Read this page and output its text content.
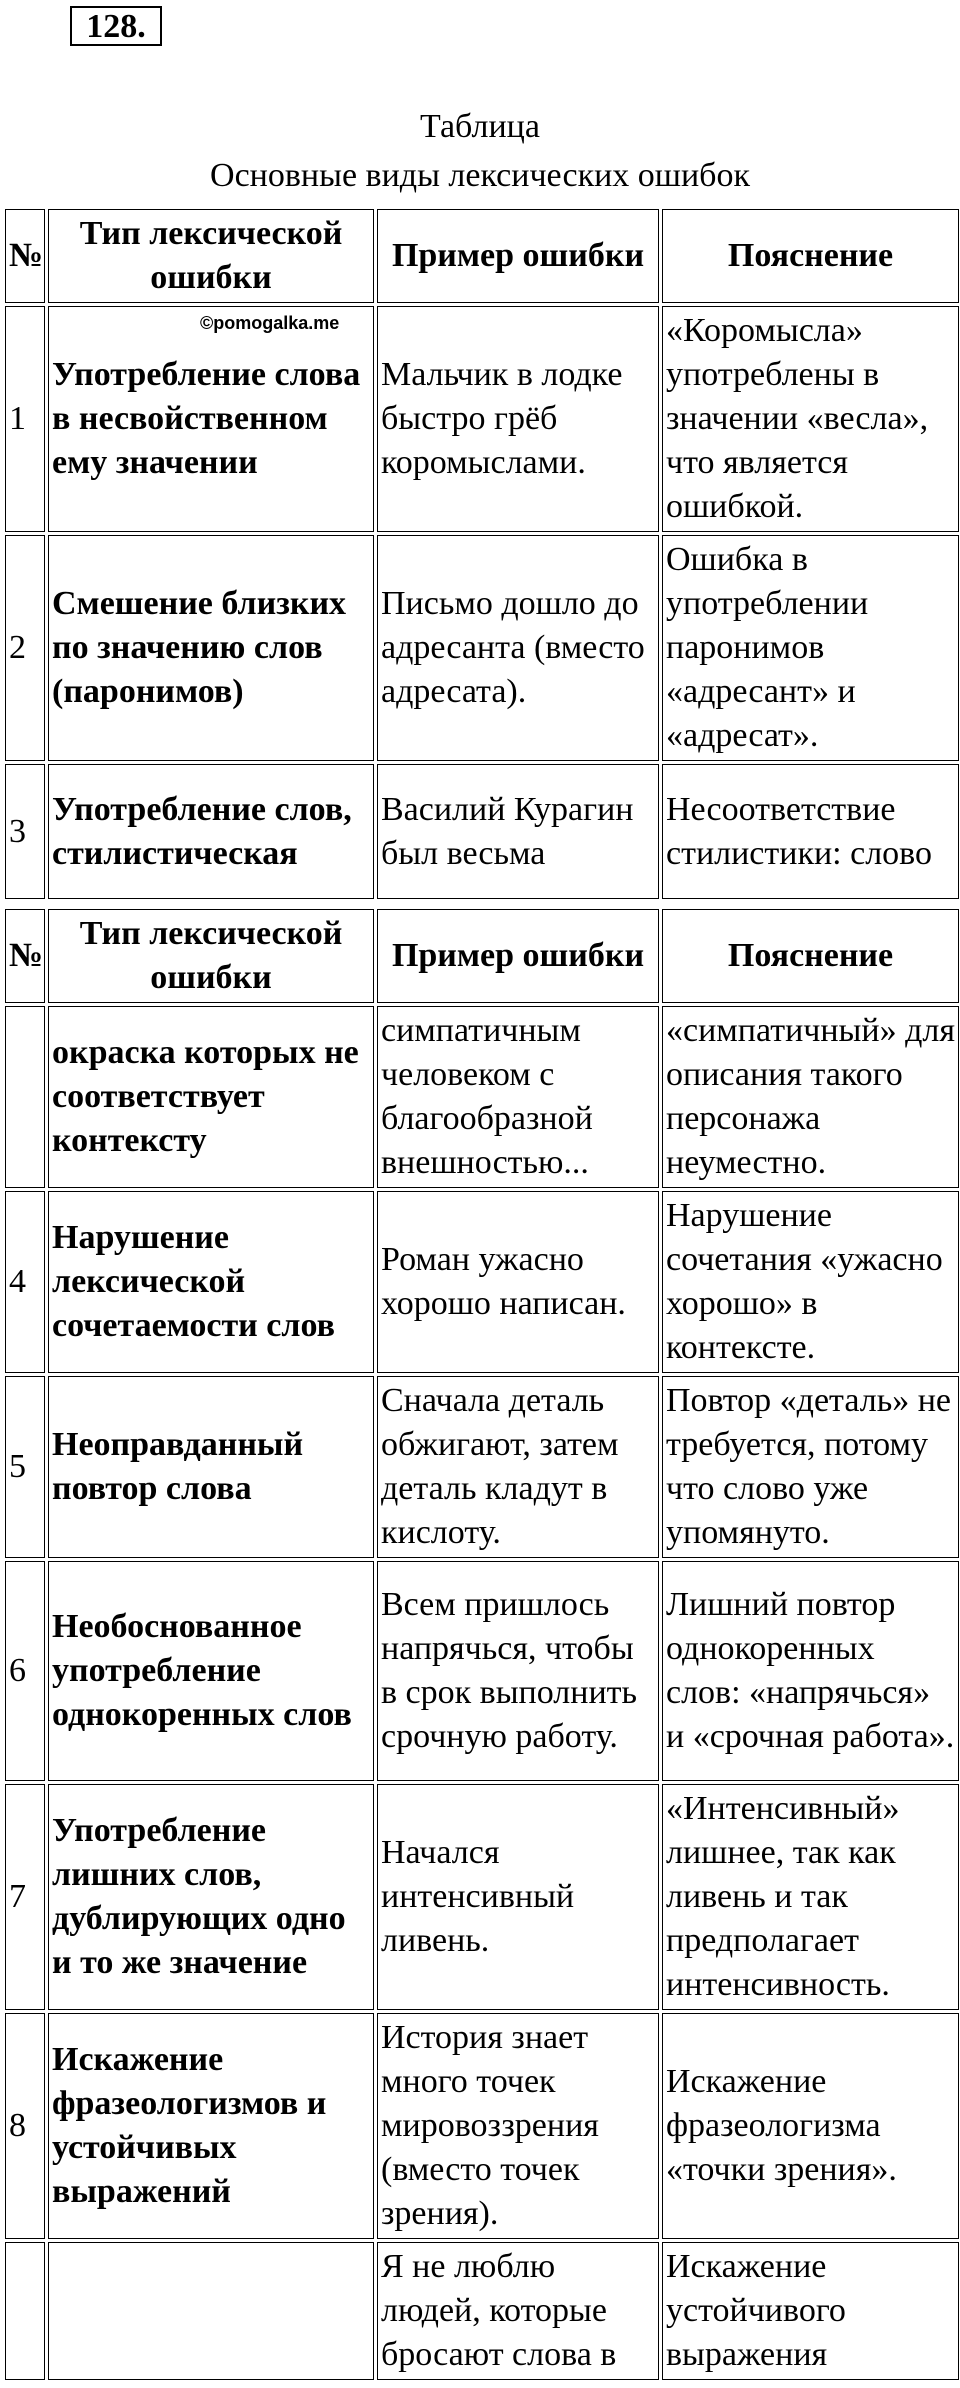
128.
Таблица
Основные виды лексических ошибок
№	Тип лексической ошибки	Пример ошибки	Пояснение
1	Употребление слова в несвойственном ему значении	Мальчик в лодке быстро грёб коромыслами.	«Коромысла» употреблены в значении «весла», что является ошибкой.
2	Смешение близких по значению слов (паронимов)	Письмо дошло до адресанта (вместо адресата).	Ошибка в употреблении паронимов «адресант» и «адресат».
3	Употребление слов, стилистическая	Василий Курагин был весьма	Несоответствие стилистики: слово
№	Тип лексической ошибки	Пример ошибки	Пояснение
	окраска которых не соответствует контексту	симпатичным человеком с благообразной внешностью...	«симпатичный» для описания такого персонажа неуместно.
4	Нарушение лексической сочетаемости слов	Роман ужасно хорошо написан.	Нарушение сочетания «ужасно хорошо» в контексте.
5	Неоправданный повтор слова	Сначала деталь обжигают, затем деталь кладут в кислоту.	Повтор «деталь» не требуется, потому что слово уже упомянуто.
6	Необоснованное употребление однокоренных слов	Всем пришлось напрячься, чтобы в срок выполнить срочную работу.	Лишний повтор однокоренных слов: «напрячься» и «срочная работа».
7	Употребление лишних слов, дублирующих одно и то же значение	Начался интенсивный ливень.	«Интенсивный» лишнее, так как ливень и так предполагает интенсивность.
8	Искажение фразеологизмов и устойчивых выражений	История знает много точек мировоззрения (вместо точек зрения).	Искажение фразеологизма «точки зрения».
		Я не люблю людей, которые бросают слова в	Искажение устойчивого выражения
©pomogalka.me
